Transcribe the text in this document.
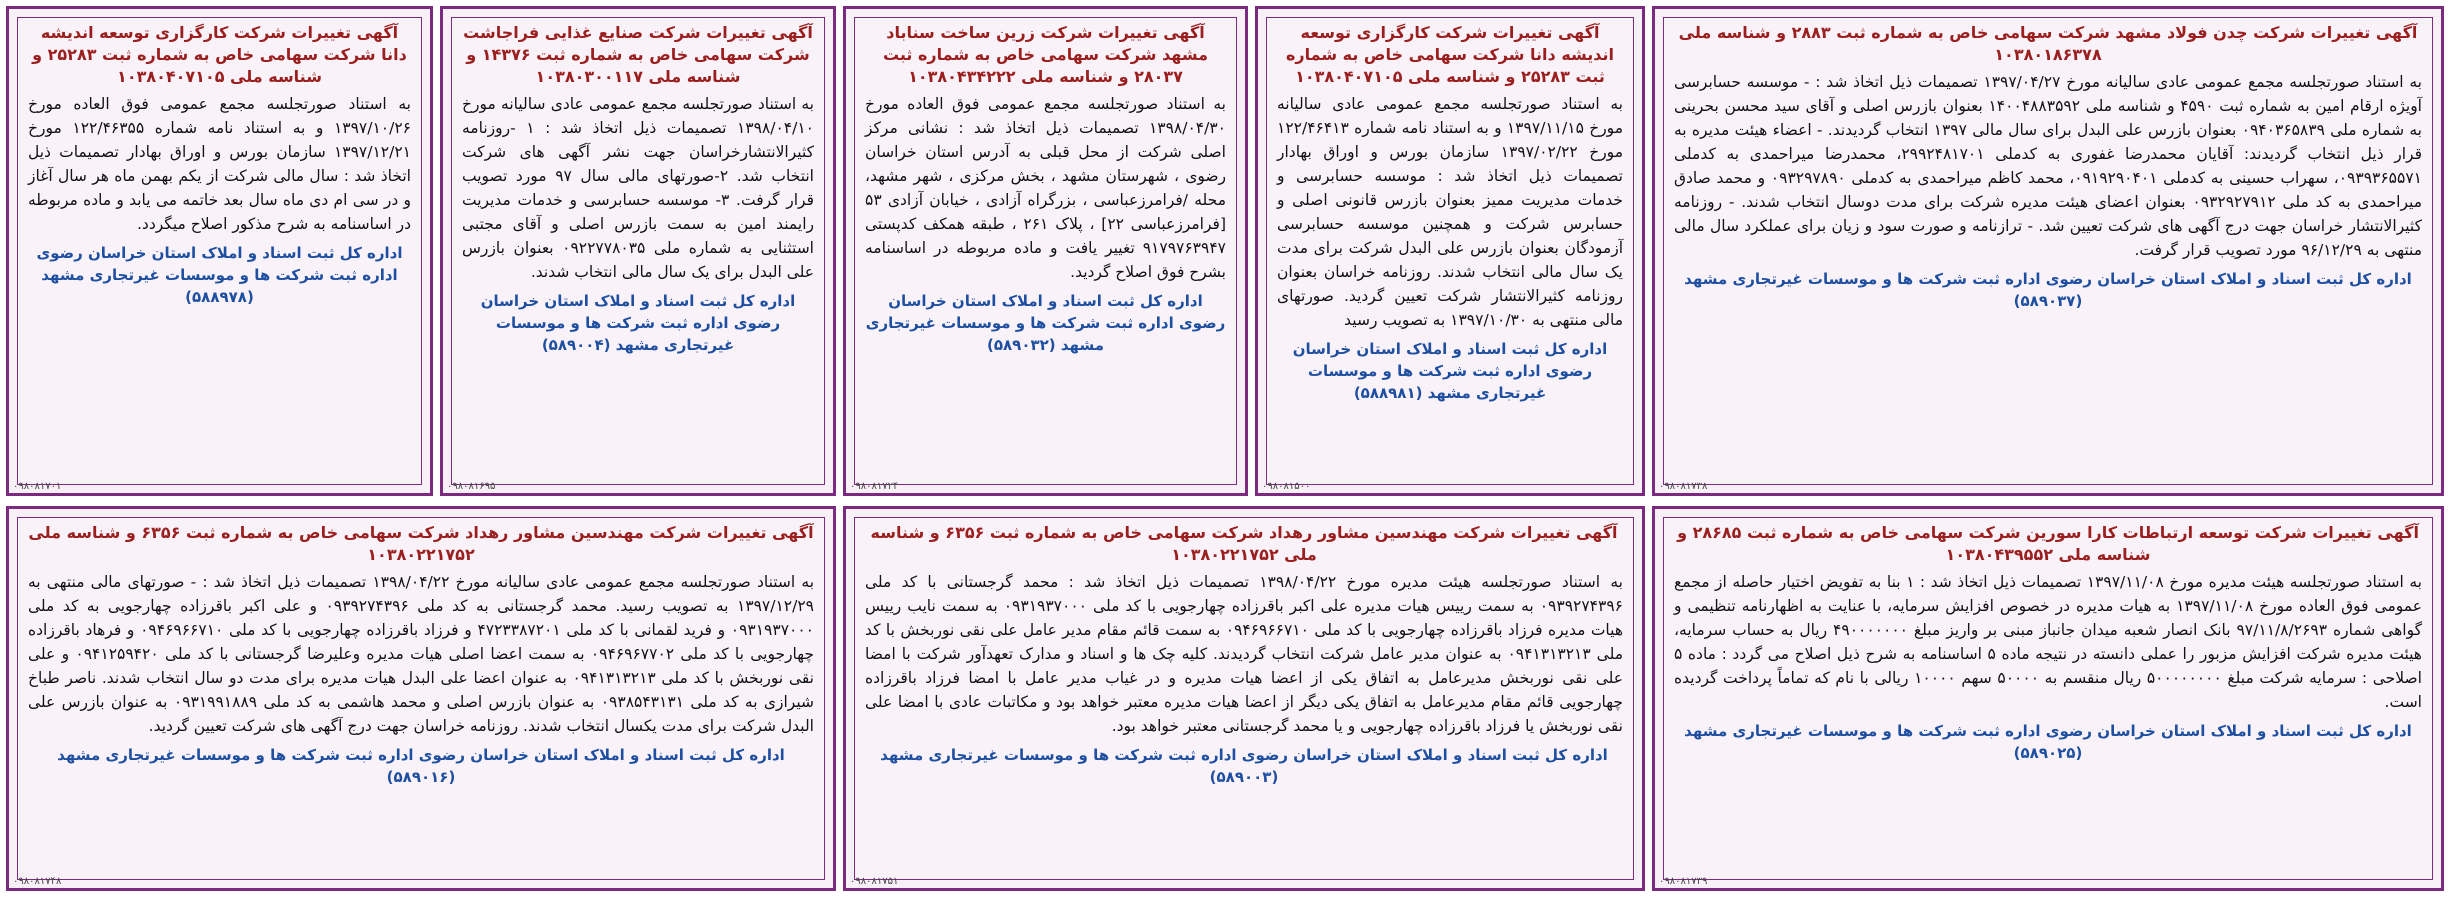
آگهی تغییرات شرکت چدن فولاد مشهد شرکت سهامی خاص به شماره ثبت ۲۸۸۳ و شناسه ملی ۱۰۳۸۰۱۸۶۳۷۸
به استناد صورتجلسه مجمع عمومی عادی سالیانه مورخ ۱۳۹۷/۰۴/۲۷ تصمیمات ذیل اتخاذ شد : - موسسه حسابرسی آویژه ارقام امین به شماره ثبت ۴۵۹۰ و شناسه ملی ۱۴۰۰۴۸۸۳۵۹۲ بعنوان بازرس اصلی و آقای سید محسن بحرینی به شماره ملی ۰۹۴۰۳۶۵۸۳۹ بعنوان بازرس علی البدل برای سال مالی ۱۳۹۷ انتخاب گردیدند. - اعضاء هیئت مدیره به قرار ذیل انتخاب گردیدند: آقایان محمدرضا غفوری به کدملی ۲۹۹۲۴۸۱۷۰۱، محمدرضا میراحمدی به کدملی ۰۹۳۹۳۶۵۵۷۱، سهراب حسینی به کدملی ۰۹۱۹۲۹۰۴۰۱، محمد کاظم میراحمدی به کدملی ۰۹۳۲۹۷۸۹۰ و محمد صادق میراحمدی به کد ملی ۰۹۳۲۹۲۷۹۱۲ بعنوان اعضای هیئت مدیره شرکت برای مدت دوسال انتخاب شدند. - روزنامه کثیرالانتشار خراسان جهت درج آگهی های شرکت تعیین شد. - ترازنامه و صورت سود و زیان برای عملکرد سال مالی منتهی به ۹۶/۱۲/۲۹ مورد تصویب قرار گرفت.
اداره کل ثبت اسناد و املاک استان خراسان رضوی اداره ثبت شرکت ها و موسسات غیرتجاری مشهد (۵۸۹۰۳۷)
۰۹۸۰۸۱۷۳۸
آگهی تغییرات شرکت کارگزاری توسعه اندیشه دانا شرکت سهامی خاص به شماره ثبت ۲۵۲۸۳ و شناسه ملی ۱۰۳۸۰۴۰۷۱۰۵
به استناد صورتجلسه مجمع عمومی عادی سالیانه مورخ ۱۳۹۷/۱۱/۱۵ و به استناد نامه شماره ۱۲۲/۴۶۴۱۳ مورخ ۱۳۹۷/۰۲/۲۲ سازمان بورس و اوراق بهادار تصمیمات ذیل اتخاذ شد : موسسه حسابرسی و خدمات مدیریت ممیز بعنوان بازرس قانونی اصلی و حسابرس شرکت و همچنین موسسه حسابرسی آزمودگان بعنوان بازرس علی البدل شرکت برای مدت یک سال مالی انتخاب شدند. روزنامه خراسان بعنوان روزنامه کثیرالانتشار شرکت تعیین گردید. صورتهای مالی منتهی به ۱۳۹۷/۱۰/۳۰ به تصویب رسید
اداره کل ثبت اسناد و املاک استان خراسان رضوی اداره ثبت شرکت ها و موسسات غیرتجاری مشهد (۵۸۸۹۸۱)
۰۹۸۰۸۱۵۰۰
آگهی تغییرات شرکت زرین ساخت سناباد مشهد شرکت سهامی خاص به شماره ثبت ۲۸۰۳۷ و شناسه ملی ۱۰۳۸۰۴۳۴۲۲۲
به استناد صورتجلسه مجمع عمومی فوق العاده مورخ ۱۳۹۸/۰۴/۳۰ تصمیمات ذیل اتخاذ شد : نشانی مرکز اصلی شرکت از محل قبلی به آدرس استان خراسان رضوی ، شهرستان مشهد ، بخش مرکزی ، شهر مشهد، محله /فرامرزعباسی ، بزرگراه آزادی ، خیابان آزادی ۵۳ [فرامرزعباسی ۲۲] ، پلاک ۲۶۱ ، طبقه همکف کدپستی ۹۱۷۹۷۶۳۹۴۷ تغییر یافت و ماده مربوطه در اساسنامه بشرح فوق اصلاح گردید.
اداره کل ثبت اسناد و املاک استان خراسان رضوی اداره ثبت شرکت ها و موسسات غیرتجاری مشهد (۵۸۹۰۳۲)
۰۹۸۰۸۱۷۲۴
آگهی تغییرات شرکت صنایع غذایی فراجاشت شرکت سهامی خاص به شماره ثبت ۱۴۳۷۶ و شناسه ملی ۱۰۳۸۰۳۰۰۱۱۷
به استناد صورتجلسه مجمع عمومی عادی سالیانه مورخ ۱۳۹۸/۰۴/۱۰ تصمیمات ذیل اتخاذ شد : ۱ -روزنامه کثیرالانتشارخراسان جهت نشر آگهی های شرکت انتخاب شد. ۲-صورتهای مالی سال ۹۷ مورد تصویب قرار گرفت. ۳- موسسه حسابرسی و خدمات مدیریت رایمند امین به سمت بازرس اصلی و آقای مجتبی استثنایی به شماره ملی ۰۹۲۲۷۷۸۰۳۵ بعنوان بازرس علی البدل برای یک سال مالی انتخاب شدند.
اداره کل ثبت اسناد و املاک استان خراسان رضوی اداره ثبت شرکت ها و موسسات غیرتجاری مشهد (۵۸۹۰۰۴)
۰۹۸۰۸۱۶۹۵
آگهی تغییرات شرکت کارگزاری توسعه اندیشه دانا شرکت سهامی خاص به شماره ثبت ۲۵۲۸۳ و شناسه ملی ۱۰۳۸۰۴۰۷۱۰۵
به استناد صورتجلسه مجمع عمومی فوق العاده مورخ ۱۳۹۷/۱۰/۲۶ و به استناد نامه شماره ۱۲۲/۴۶۳۵۵ مورخ ۱۳۹۷/۱۲/۲۱ سازمان بورس و اوراق بهادار تصمیمات ذیل اتخاذ شد : سال مالی شرکت از یکم بهمن ماه هر سال آغاز و در سی ام دی ماه سال بعد خاتمه می یابد و ماده مربوطه در اساسنامه به شرح مذکور اصلاح میگردد.
اداره کل ثبت اسناد و املاک استان خراسان رضوی اداره ثبت شرکت ها و موسسات غیرتجاری مشهد (۵۸۸۹۷۸)
۰۹۸۰۸۱۷۰۱
آگهی تغییرات شرکت توسعه ارتباطات کارا سورین شرکت سهامی خاص به شماره ثبت ۲۸۶۸۵ و شناسه ملی ۱۰۳۸۰۴۳۹۵۵۲
به استناد صورتجلسه هیئت مدیره مورخ ۱۳۹۷/۱۱/۰۸ تصمیمات ذیل اتخاذ شد : ۱ بنا به تفویض اختیار حاصله از مجمع عمومی فوق العاده مورخ ۱۳۹۷/۱۱/۰۸ به هیات مدیره در خصوص افزایش سرمایه، با عنایت به اظهارنامه تنظیمی و گواهی شماره ۹۷/۱۱/۸/۲۶۹۳ بانک انصار شعبه میدان جانباز مبنی بر واریز مبلغ ۴۹۰۰۰۰۰۰۰ ریال به حساب سرمایه، هیئت مدیره شرکت افزایش مزبور را عملی دانسته در نتیجه ماده ۵ اساسنامه به شرح ذیل اصلاح می گردد : ماده ۵ اصلاحی : سرمایه شرکت مبلغ ۵۰۰۰۰۰۰۰۰ ریال منقسم به ۵۰۰۰۰ سهم ۱۰۰۰۰ ریالی با نام که تماماً پرداخت گردیده است.
اداره کل ثبت اسناد و املاک استان خراسان رضوی اداره ثبت شرکت ها و موسسات غیرتجاری مشهد (۵۸۹۰۲۵)
۰۹۸۰۸۱۷۳۹
آگهی تغییرات شرکت مهندسین مشاور رهداد شرکت سهامی خاص به شماره ثبت ۶۳۵۶ و شناسه ملی ۱۰۳۸۰۲۲۱۷۵۲
به استناد صورتجلسه هیئت مدیره مورخ ۱۳۹۸/۰۴/۲۲ تصمیمات ذیل اتخاذ شد : محمد گرجستانی با کد ملی ۰۹۳۹۲۷۴۳۹۶ به سمت رییس هیات مدیره علی اکبر باقرزاده چهارجویی با کد ملی ۰۹۳۱۹۳۷۰۰۰ به سمت نایب رییس هیات مدیره فرزاد باقرزاده چهارجویی با کد ملی ۰۹۴۶۹۶۶۷۱۰ به سمت قائم مقام مدیر عامل علی نقی نوربخش با کد ملی ۰۹۴۱۳۱۳۲۱۳ به عنوان مدیر عامل شرکت انتخاب گردیدند. کلیه چک ها و اسناد و مدارک تعهدآور شرکت با امضا علی نقی نوربخش مدیرعامل به اتفاق یکی از اعضا هیات مدیره و در غیاب مدیر عامل با امضا فرزاد باقرزاده چهارجویی قائم مقام مدیرعامل به اتفاق یکی دیگر از اعضا هیات مدیره معتبر خواهد بود و مکاتبات عادی با امضا علی نقی نوربخش یا فرزاد باقرزاده چهارجویی و یا محمد گرجستانی معتبر خواهد بود.
اداره کل ثبت اسناد و املاک استان خراسان رضوی اداره ثبت شرکت ها و موسسات غیرتجاری مشهد (۵۸۹۰۰۳)
۰۹۸۰۸۱۷۵۱
آگهی تغییرات شرکت مهندسین مشاور رهداد شرکت سهامی خاص به شماره ثبت ۶۳۵۶ و شناسه ملی ۱۰۳۸۰۲۲۱۷۵۲
به استناد صورتجلسه مجمع عمومی عادی سالیانه مورخ ۱۳۹۸/۰۴/۲۲ تصمیمات ذیل اتخاذ شد : - صورتهای مالی منتهی به ۱۳۹۷/۱۲/۲۹ به تصویب رسید. محمد گرجستانی به کد ملی ۰۹۳۹۲۷۴۳۹۶ و علی اکبر باقرزاده چهارجویی به کد ملی ۰۹۳۱۹۳۷۰۰۰ و فرید لقمانی با کد ملی ۴۷۲۳۳۸۷۲۰۱ و فرزاد باقرزاده چهارجویی با کد ملی ۰۹۴۶۹۶۶۷۱۰ و فرهاد باقرزاده چهارجویی با کد ملی ۰۹۴۶۹۶۷۷۰۲ به سمت اعضا اصلی هیات مدیره وعلیرضا گرجستانی با کد ملی ۰۹۴۱۲۵۹۴۲۰ و علی نقی نوربخش با کد ملی ۰۹۴۱۳۱۳۲۱۳ به عنوان اعضا علی البدل هیات مدیره برای مدت دو سال انتخاب شدند. ناصر طباخ شیرازی به کد ملی ۰۹۳۸۵۴۳۱۳۱ به عنوان بازرس اصلی و محمد هاشمی به کد ملی ۰۹۳۱۹۹۱۸۸۹ به عنوان بازرس علی البدل شرکت برای مدت یکسال انتخاب شدند. روزنامه خراسان جهت درج آگهی های شرکت تعیین گردید.
اداره کل ثبت اسناد و املاک استان خراسان رضوی اداره ثبت شرکت ها و موسسات غیرتجاری مشهد (۵۸۹۰۱۶)
۰۹۸۰۸۱۷۴۸
